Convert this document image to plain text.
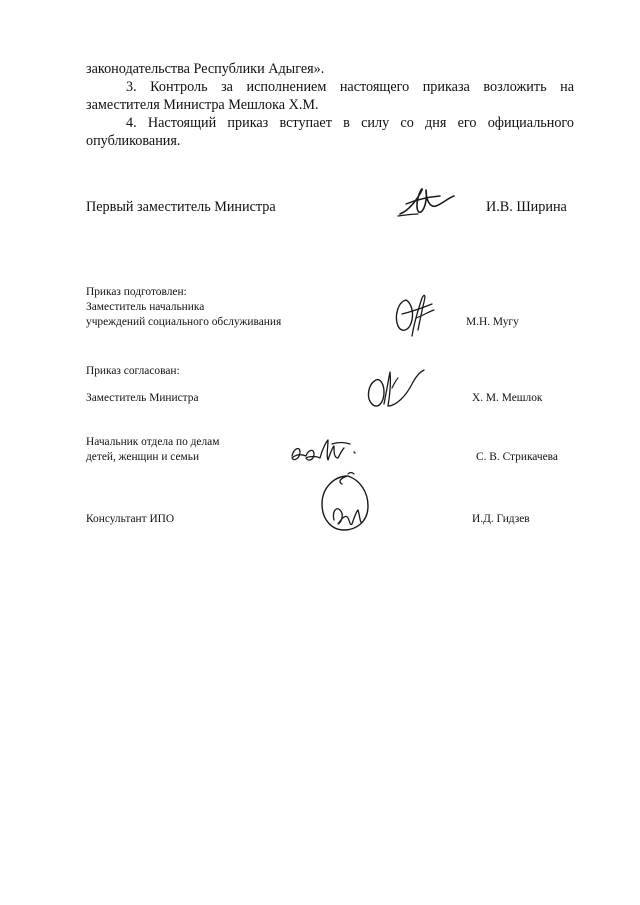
законодательства Республики Адыгея».

3. Контроль за исполнением настоящего приказа возложить на заместителя Министра Мешлока Х.М.

4. Настоящий приказ вступает в силу со дня его официального опубликования.

Первый заместитель Министра	И.В. Ширина
Приказ подготовлен:
Заместитель начальника
учреждений социального обслуживания	М.Н. Мугу
Приказ согласован:
Заместитель Министра	Х. М. Мешлок
Начальник отдела по делам
детей, женщин и семьи	С. В. Стрикачева
Консультант ИПО	И.Д. Гидзев
